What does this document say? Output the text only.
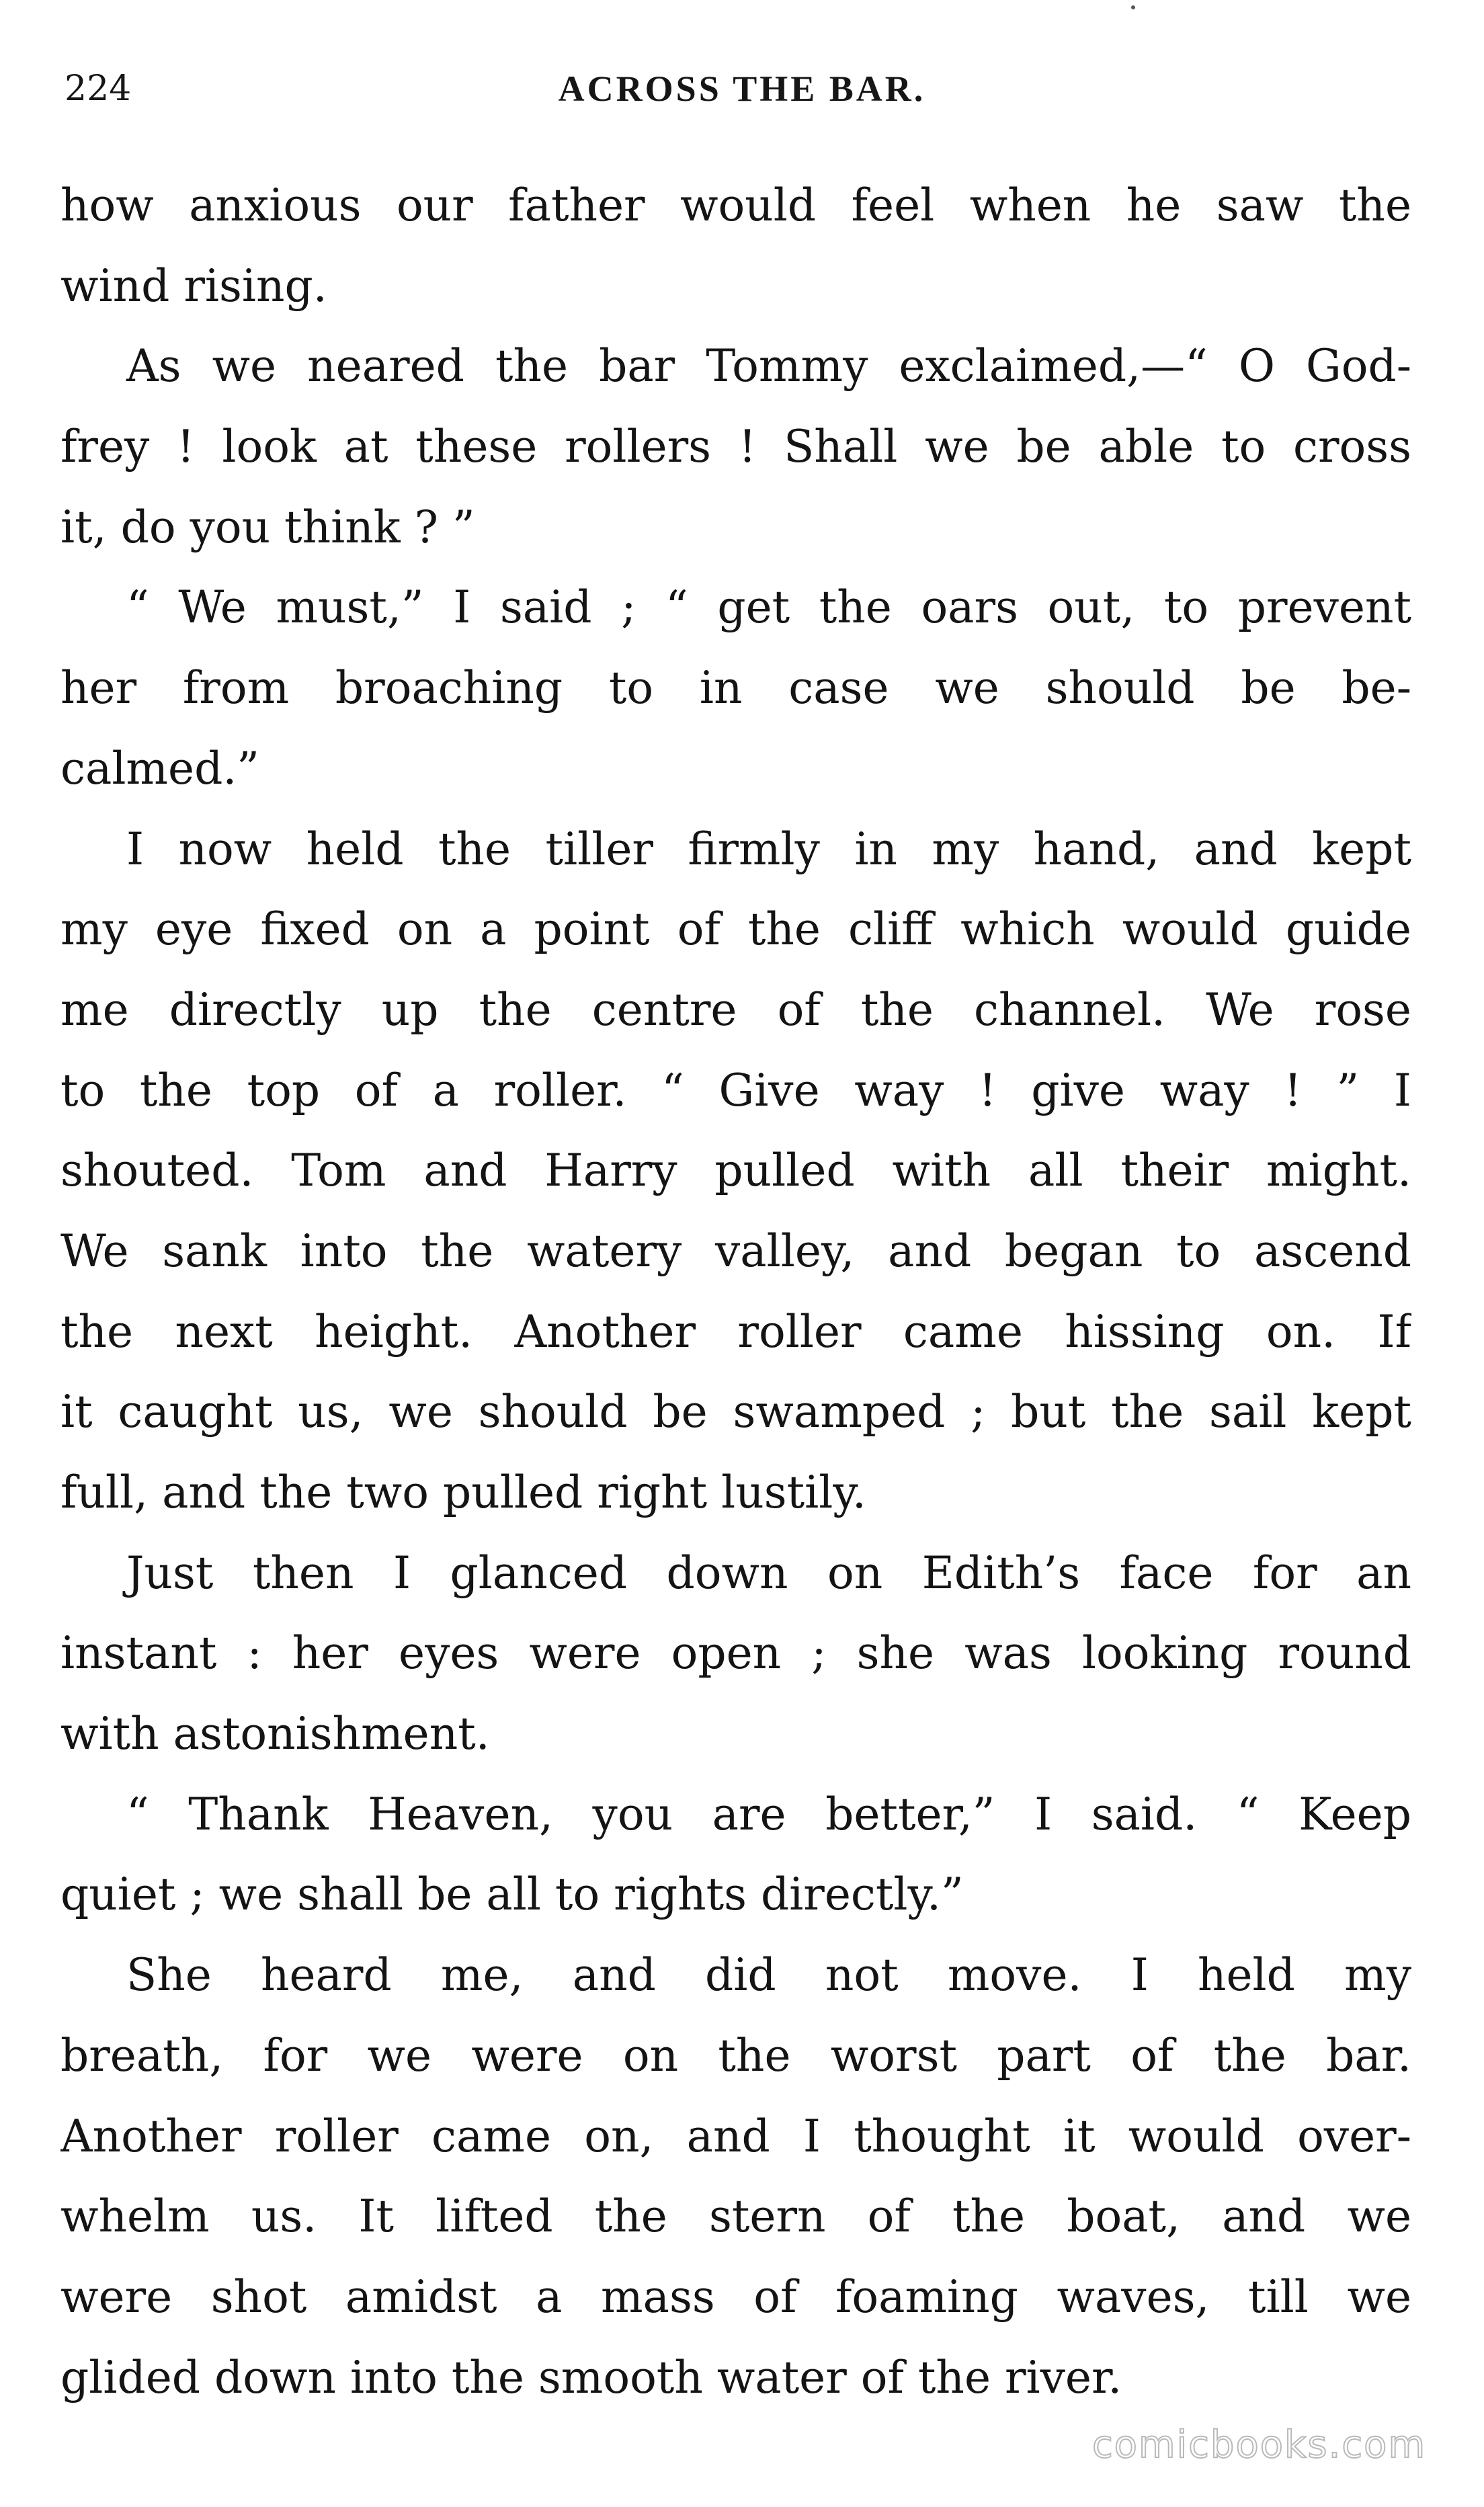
224	ACROSS THE BAR.
how anxious our father would feel when he saw the
wind rising.
As we neared the bar Tommy exclaimed,—“ O God-
frey ! look at these rollers ! Shall we be able to cross
it, do you think ? ”
“ We must,” I said ; “ get the oars out, to prevent
her from broaching to in case we should be be-
calmed.”
I now held the tiller firmly in my hand, and kept
my eye fixed on a point of the cliff which would guide
me directly up the centre of the channel. We rose
to the top of a roller. “ Give way ! give way ! ” I
shouted. Tom and Harry pulled with all their might.
We sank into the watery valley, and began to ascend
the next height. Another roller came hissing on. If
it caught us, we should be swamped ; but the sail kept
full, and the two pulled right lustily.
Just then I glanced down on Edith’s face for an
instant : her eyes were open ; she was looking round
with astonishment.
“ Thank Heaven, you are better,” I said. “ Keep
quiet ; we shall be all to rights directly.”
She heard me, and did not move. I held my
breath, for we were on the worst part of the bar.
Another roller came on, and I thought it would over-
whelm us. It lifted the stern of the boat, and we
were shot amidst a mass of foaming waves, till we
glided down into the smooth water of the river.
comicbooks.com
